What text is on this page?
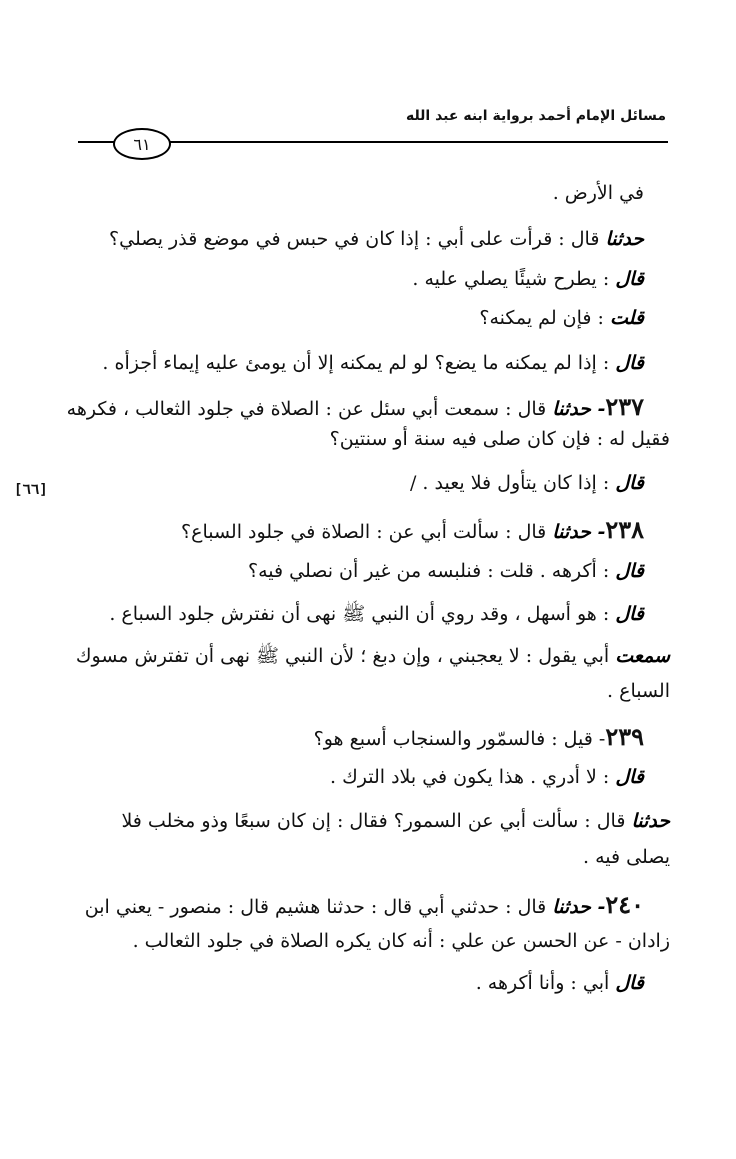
مسائل الإمام أحمد برواية ابنه عبد الله
٦١
[٦٦]
في الأرض .
حدثنا قال : قرأت على أبي : إذا كان في حبس في موضع قذر يصلي؟
قال : يطرح شيئًا يصلي عليه .
قلت : فإن لم يمكنه؟
قال : إذا لم يمكنه ما يضع؟ لو لم يمكنه إلا أن يومئ عليه إيماء أجزأه .
٢٣٧- حدثنا قال : سمعت أبي سئل عن : الصلاة في جلود الثعالب ، فكرهه
فقيل له : فإن كان صلى فيه سنة أو سنتين؟
قال : إذا كان يتأول فلا يعيد . /
٢٣٨- حدثنا قال : سألت أبي عن : الصلاة في جلود السباع؟
قال : أكرهه . قلت : فنلبسه من غير أن نصلي فيه؟
قال : هو أسهل ، وقد روي أن النبي ﷺ نهى أن نفترش جلود السباع .
سمعت أبي يقول : لا يعجبني ، وإن دبغ ؛ لأن النبي ﷺ نهى أن تفترش مسوك
السباع .
٢٣٩- قيل : فالسمّور والسنجاب أسبع هو؟
قال : لا أدري . هذا يكون في بلاد الترك .
حدثنا قال : سألت أبي عن السمور؟ فقال : إن كان سبعًا وذو مخلب فلا
يصلى فيه .
٢٤٠- حدثنا قال : حدثني أبي قال : حدثنا هشيم قال : منصور - يعني ابن
زادان - عن الحسن عن علي : أنه كان يكره الصلاة في جلود الثعالب .
قال أبي : وأنا أكرهه .
